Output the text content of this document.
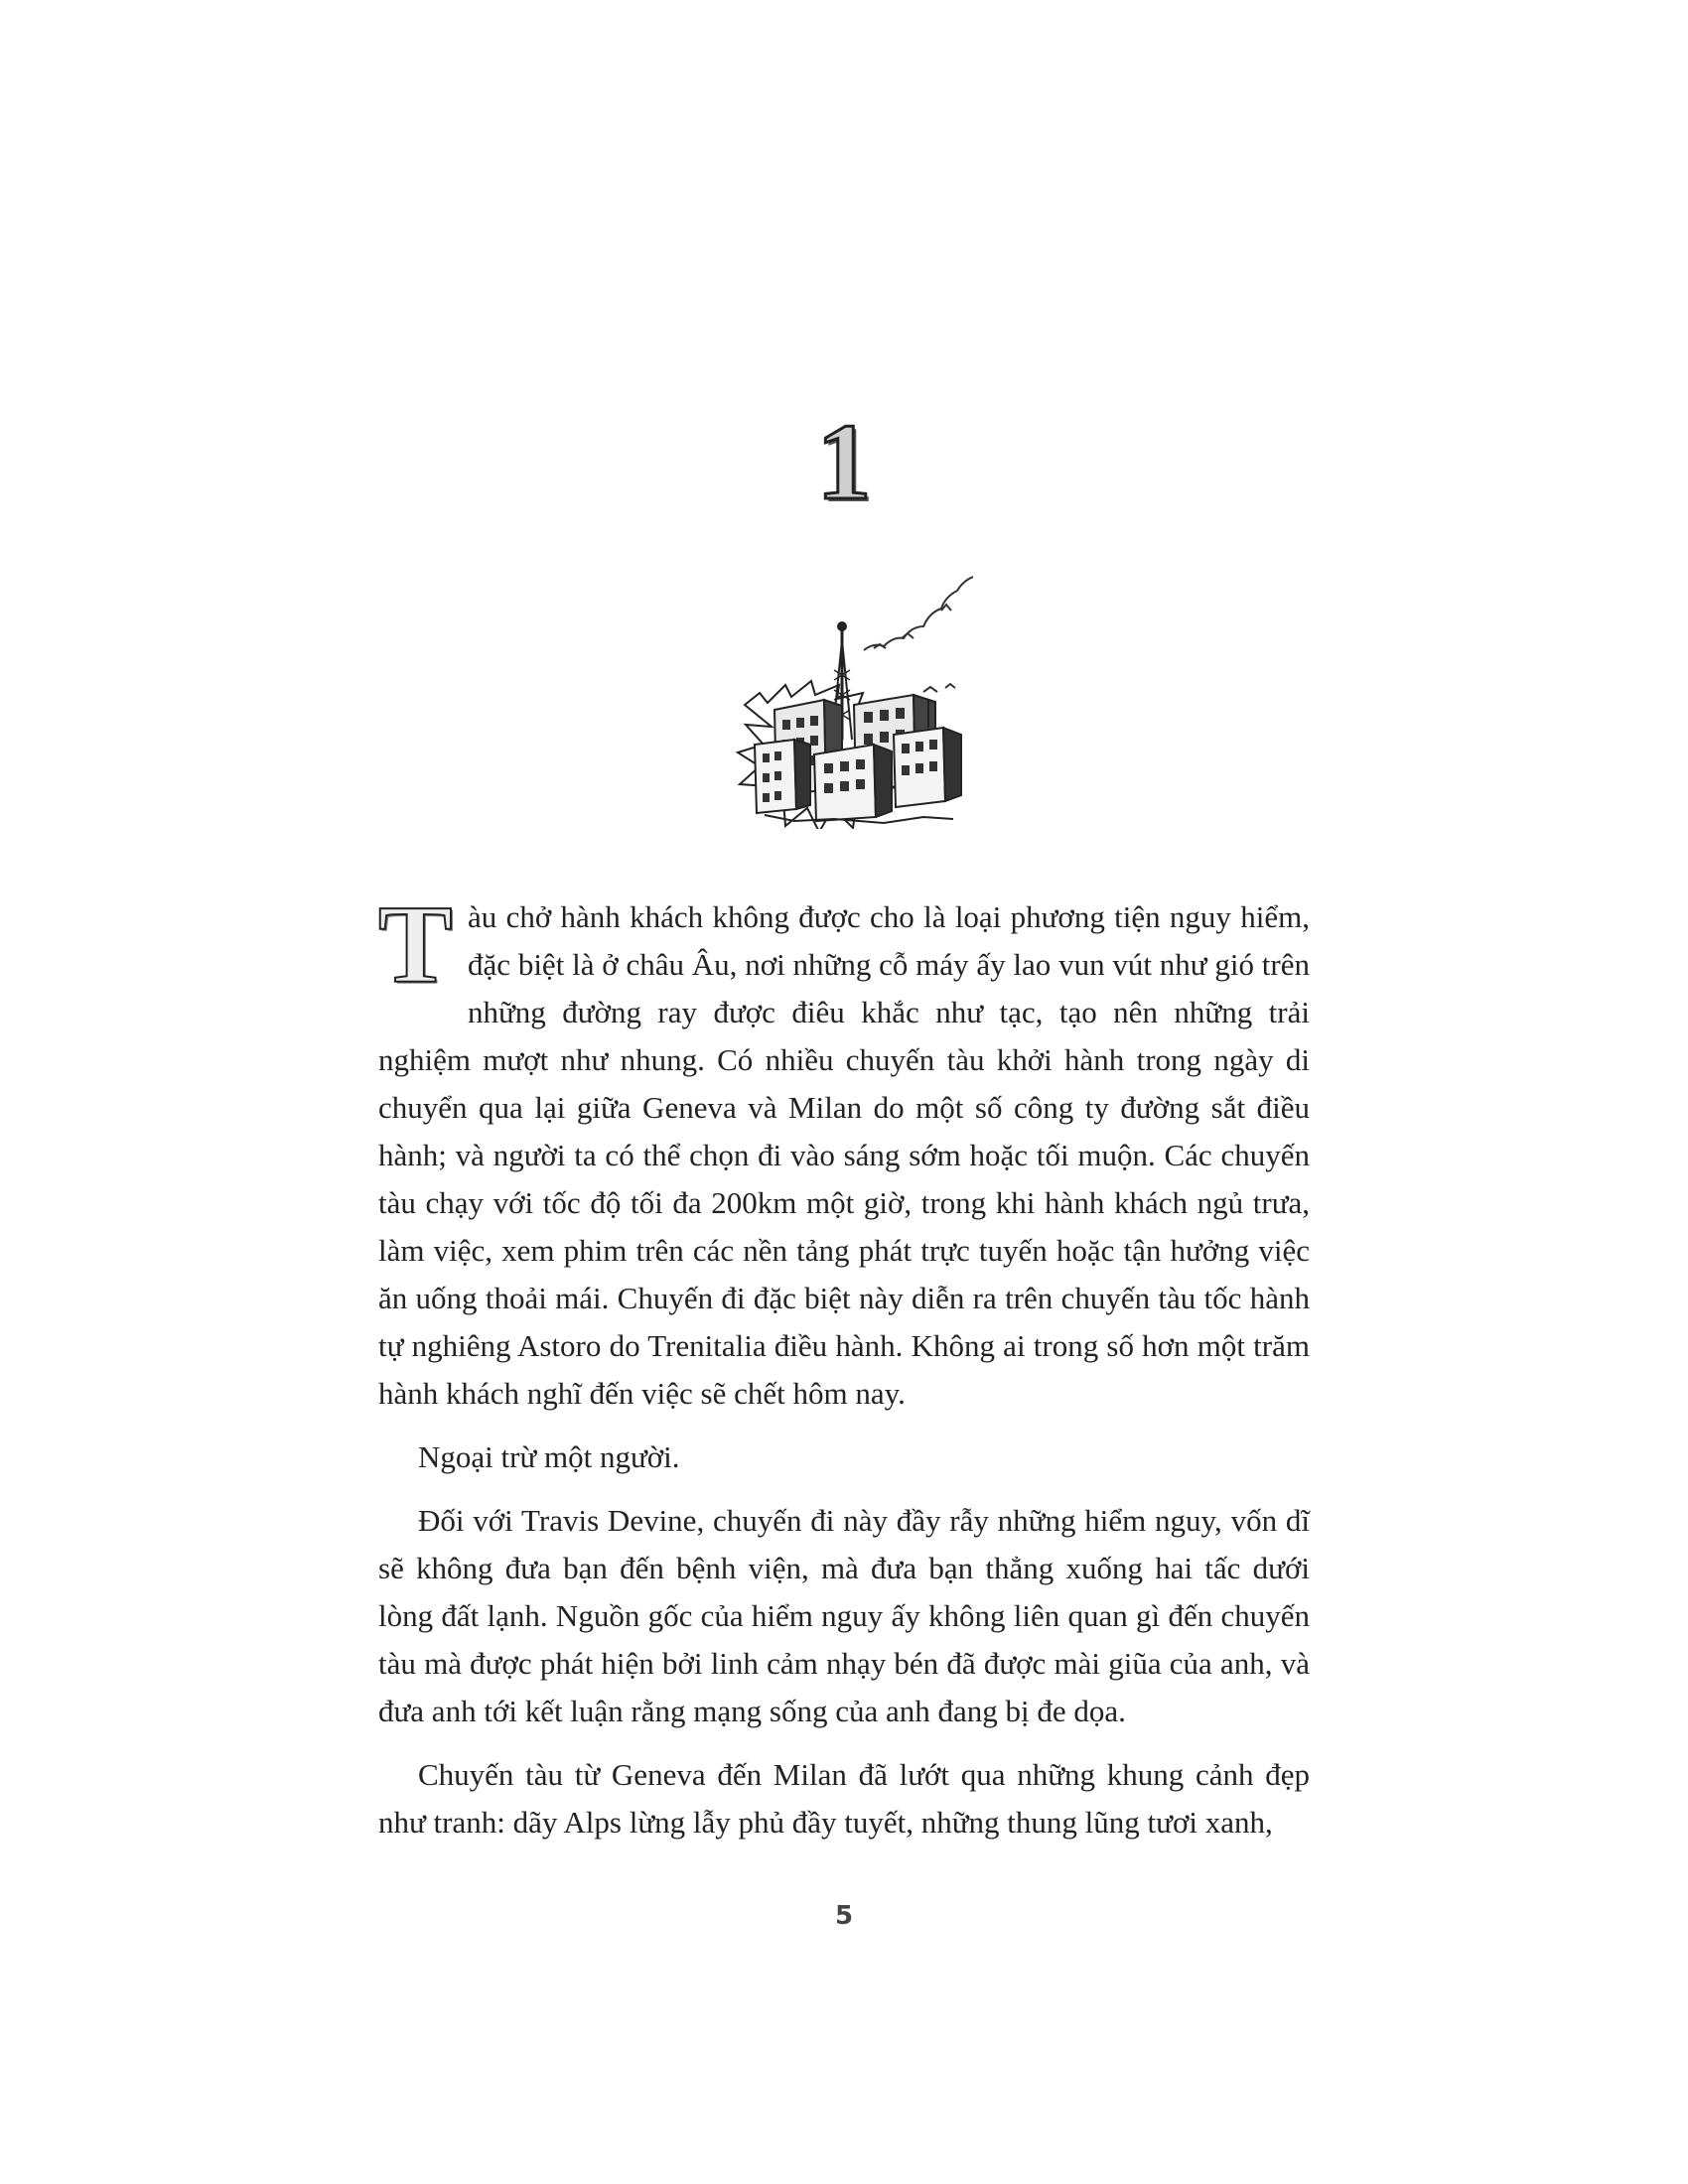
1

T àu chở hành khách không được cho là loại phương tiện nguy hiểm, đặc biệt là ở châu Âu, nơi những cỗ máy ấy lao vun vút như gió trên những đường ray được điêu khắc như tạc, tạo nên những trải nghiệm mượt như nhung. Có nhiều chuyến tàu khởi hành trong ngày di chuyển qua lại giữa Geneva và Milan do một số công ty đường sắt điều hành; và người ta có thể chọn đi vào sáng sớm hoặc tối muộn. Các chuyến tàu chạy với tốc độ tối đa 200km một giờ, trong khi hành khách ngủ trưa, làm việc, xem phim trên các nền tảng phát trực tuyến hoặc tận hưởng việc ăn uống thoải mái. Chuyến đi đặc biệt này diễn ra trên chuyến tàu tốc hành tự nghiêng Astoro do Trenitalia điều hành. Không ai trong số hơn một trăm hành khách nghĩ đến việc sẽ chết hôm nay.

Ngoại trừ một người.

Đối với Travis Devine, chuyến đi này đầy rẫy những hiểm nguy, vốn dĩ sẽ không đưa bạn đến bệnh viện, mà đưa bạn thẳng xuống hai tấc dưới lòng đất lạnh. Nguồn gốc của hiểm nguy ấy không liên quan gì đến chuyến tàu mà được phát hiện bởi linh cảm nhạy bén đã được mài giũa của anh, và đưa anh tới kết luận rằng mạng sống của anh đang bị đe dọa.

Chuyến tàu từ Geneva đến Milan đã lướt qua những khung cảnh đẹp như tranh: dãy Alps lừng lẫy phủ đầy tuyết, những thung lũng tươi xanh,

5
